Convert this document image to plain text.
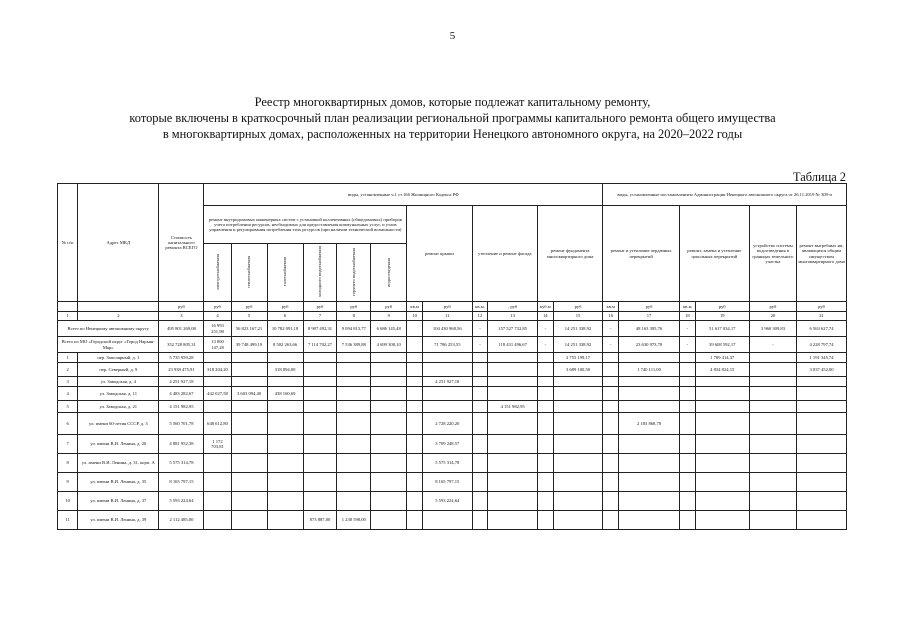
5
Реестр многоквартирных домов, которые подлежат капитальному ремонту,
которые включены в краткосрочный план реализации региональной программы капитального ремонта общего имущества
в многоквартирных домах, расположенных на территории Ненецкого автономного округа, на 2020–2022 годы
Таблица 2
№ п/п	Адрес МКД	Стоимость капитального ремонта ВСЕГО	виды, установленные ч.1 ст.166 Жилищного Кодекса РФ												виды, установленные постановлением Администрации Ненецкого автономного округа от 26.11.2019 № 309-п					
			ремонт внутридомовых инженерных систем с установкой коллективных (общедомовых) приборов учета потребления ресурсов, необходимых для предоставления коммунальных услуг, и узлов управления и регулирования потребления этих ресурсов (при наличии технической возможности)						ремонт крыши		утепление и ремонт фасада		ремонт фундамента многоквартирного дома		ремонт и утепление чердачных перекрытий		ремонт, замена и утепление цокольных перекрытий		устройство системы водоотведения в границах земельного участка	ремонт выгребных ям, являющихся общим имуществом многоквартирного дома
			электроснабжения	теплоснабжения	газоснабжения	холодного водоснабжения	горячего водоснабжения	водоотведения												
		руб	руб	руб	руб	руб	руб	руб	кв.м	руб	кв.м,	, руб	куб.м	руб	кв.м	руб	кв.м	руб	руб	руб
1	2	3	4	5	6	7	8	9	10	11	12	13	14	15	16	17	18	19	20	21
Всего по Ненецкому автономному округу		495 801 269,08	16 993 251,98	56 823 167,21	10 782 091,18	8 907 492,31	9 094 813,77	6 686 145,48		104 430 968,56	-	157 527 732,85	-	14 251 338,92	-	48 163 395,76	-	51 617 034,17	3 960 309,83	6 563 627,74
Всего по МО «Городской округ «Город Нарьян-Мар»		352 728 805,31	13 060 147,28	39 748 499,19	8 502 263,66	7 114 702,27	7 536 389,88	4 699 308,10		71 786 253,55	-	118 431 496,67	-	14 251 338,92	-	23 630 973,70	-	39 608 592,17	-	4 228 797,74
1	пер. Заполярный, д. 1	5 735 959,28												2 755 199,17				1 789 414,37		1 191 345,74
2	пер. Северный, д. 9	23 938 475,91	318 204,20		318 894,00									3 689 100,50		1 740 111,00		4 834 824,15		3 037 452,00
3	ул. Заводская, д. 4	4 251 927,18								4 251 927,18										
4	ул. Заводская, д. 11	4 483 282,67	442 027,58	3 603 094,40	438 160,69															
5	ул. Заводская, д. 21	4 151 982,95										4 151 982,95								
6	ул. имени 60-летия СССР, д. 3	5 560 701,78	648 612,80							2 728 220,20						2 183 868,78				
7	ул. имени В.И. Ленина, д. 20	4 881 952,38	1 172 703,81							3 709 248,57										
8	ул. имени В.И. Ленина, д. 31, корп. А	5 575 314,78								5 575 314,78										
9	ул. имени В.И. Ленина, д. 35	8 165 797,15								8 165 797,15										
10	ул. имени В.И. Ленина, д. 37	5 593 224,64								5 593 224,64										
11	ул. имени В.И. Ленина, д. 39	2 112 485,00				873 887,00	1 238 598,00													
